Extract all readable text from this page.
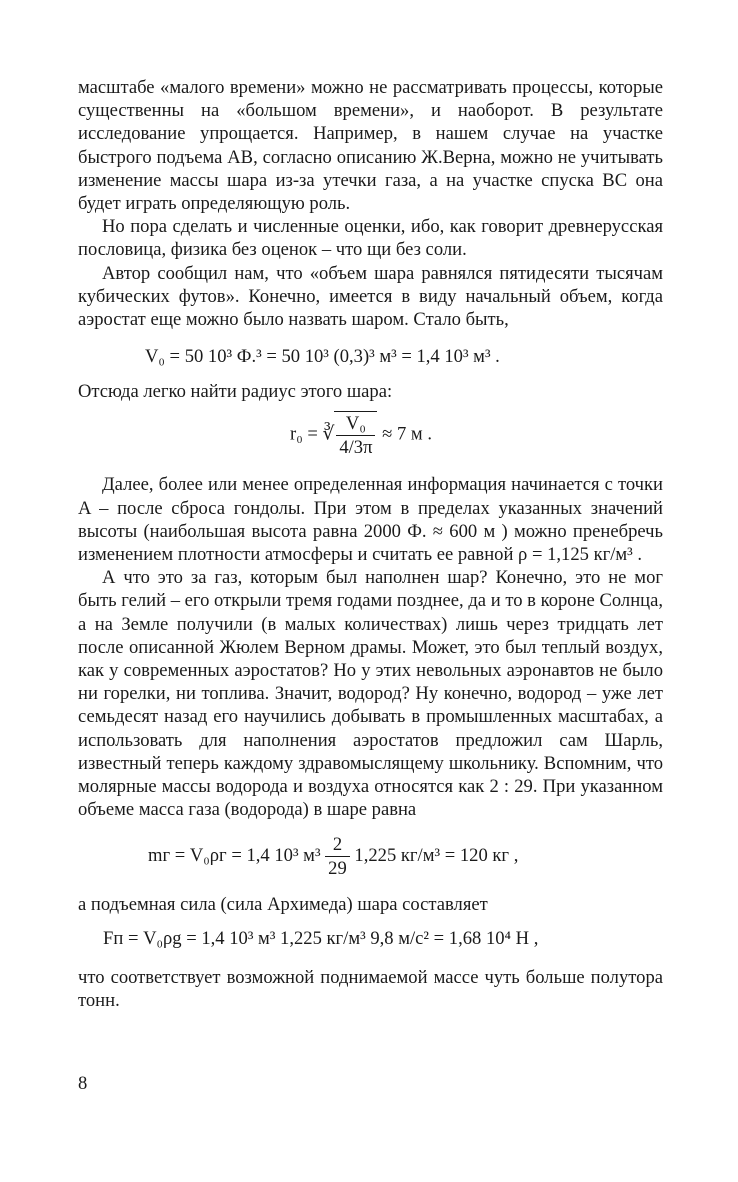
масштабе «малого времени» можно не рассматривать процессы, которые существенны на «большом времени», и наоборот. В результате исследование упрощается. Например, в нашем случае на участке быстрого подъема AB, согласно описанию Ж.Верна, можно не учитывать изменение массы шара из-за утечки газа, а на участке спуска BC она будет играть определяющую роль.

Но пора сделать и численные оценки, ибо, как говорит древнерусская пословица, физика без оценок – что щи без соли.

Автор сообщил нам, что «объем шара равнялся пятидесяти тысячам кубических футов». Конечно, имеется в виду начальный объем, когда аэростат еще можно было назвать шаром. Стало быть,

V₀ = 50 10³ Ф.³ = 50 10³ (0,3)³ м³ = 1,4 10³ м³ .

Отсюда легко найти радиус этого шара:

r₀ = ∛ $\frac{\text{V₀}}{4/3\pi} \approx 7$ м .

Далее, более или менее определенная информация начинается с точки A – после сброса гондолы. При этом в пределах указанных значений высоты (наибольшая высота равна 2000 Ф. ≈ 600 м ) можно пренебречь изменением плотности атмосферы и считать ее равной ρ = 1,125 кг/м³ .

А что это за газ, которым был наполнен шар? Конечно, это не мог быть гелий – его открыли тремя годами позднее, да и то в короне Солнца, а на Земле получили (в малых количествах) лишь через тридцать лет после описанной Жюлем Верном драмы. Может, это был теплый воздух, как у современных аэростатов? Но у этих невольных аэронавтов не было ни горелки, ни топлива. Значит, водород? Ну конечно, водород – уже лет семьдесят назад его научились добывать в промышленных масштабах, а использовать для наполнения аэростатов предложил сам Шарль, известный теперь каждому здравомыслящему школьнику. Вспомним, что молярные массы водорода и воздуха относятся как 2 : 29. При указанном объеме масса газа (водорода) в шаре равна

mг = V₀ρг = 1,4 10³ $м^3 \frac{2}{29} 1,225$ кг/м³ = 120 кг ,

а подъемная сила (сила Архимеда) шара составляет

Fп = V₀ρg = 1,4 10³ м³ 1,225 кг/м³ 9,8 м/с² = 1,68 10⁴ Н ,

что соответствует возможной поднимаемой массе чуть больше полутора тонн.

8
